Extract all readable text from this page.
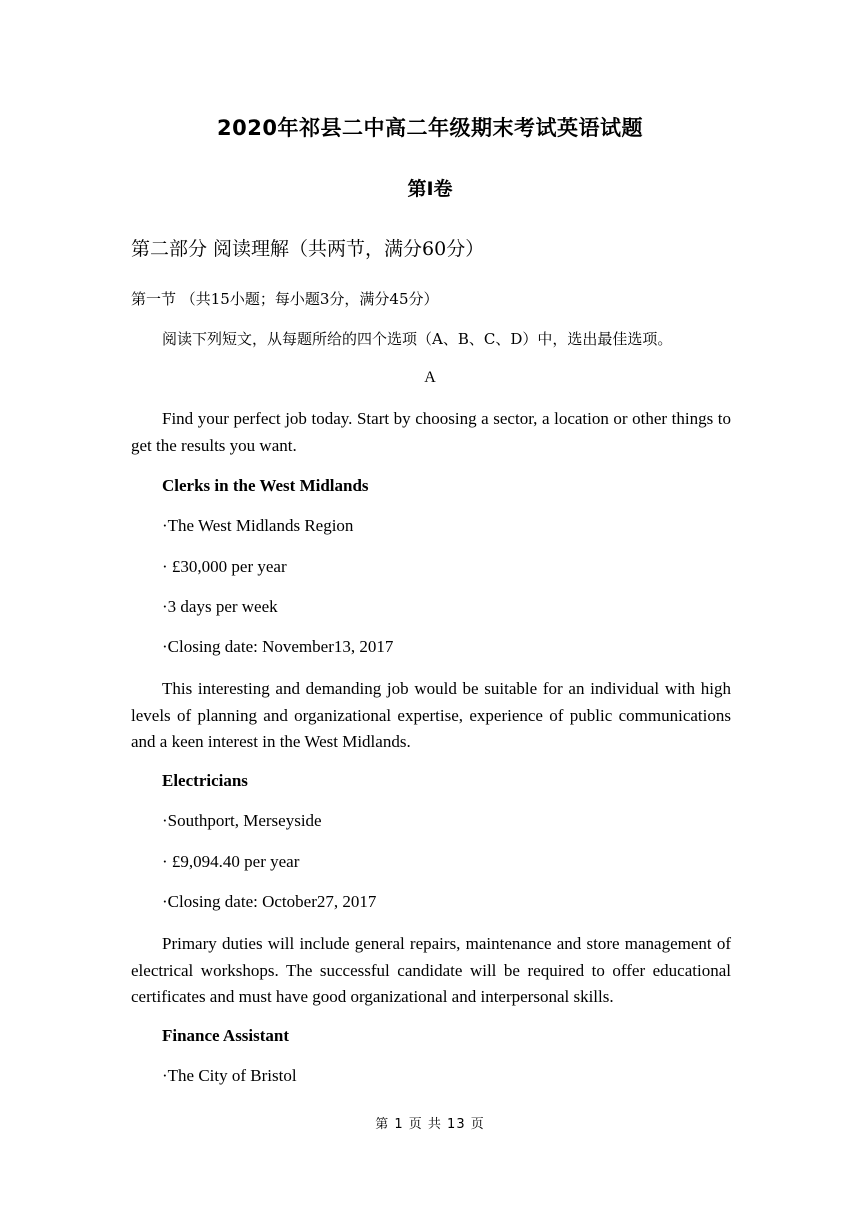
2020年祁县二中高二年级期末考试英语试题
第Ⅰ卷
第二部分 阅读理解（共两节，满分60分）
第一节 （共15小题；每小题3分，满分45分）
阅读下列短文，从每题所给的四个选项（A、B、C、D）中，选出最佳选项。
A

Find your perfect job today. Start by choosing a sector, a location or other things to get the results you want.

Clerks in the West Midlands
·The West Midlands Region
· £30,000 per year
·3 days per week
·Closing date: November13, 2017

This interesting and demanding job would be suitable for an individual with high levels of planning and organizational expertise, experience of public communications and a keen interest in the West Midlands.

Electricians
·Southport, Merseyside
· £9,094.40 per year
·Closing date: October27, 2017

Primary duties will include general repairs, maintenance and store management of electrical workshops. The successful candidate will be required to offer educational certificates and must have good organizational and interpersonal skills.

Finance Assistant
·The City of Bristol
第 1 页 共 13 页
